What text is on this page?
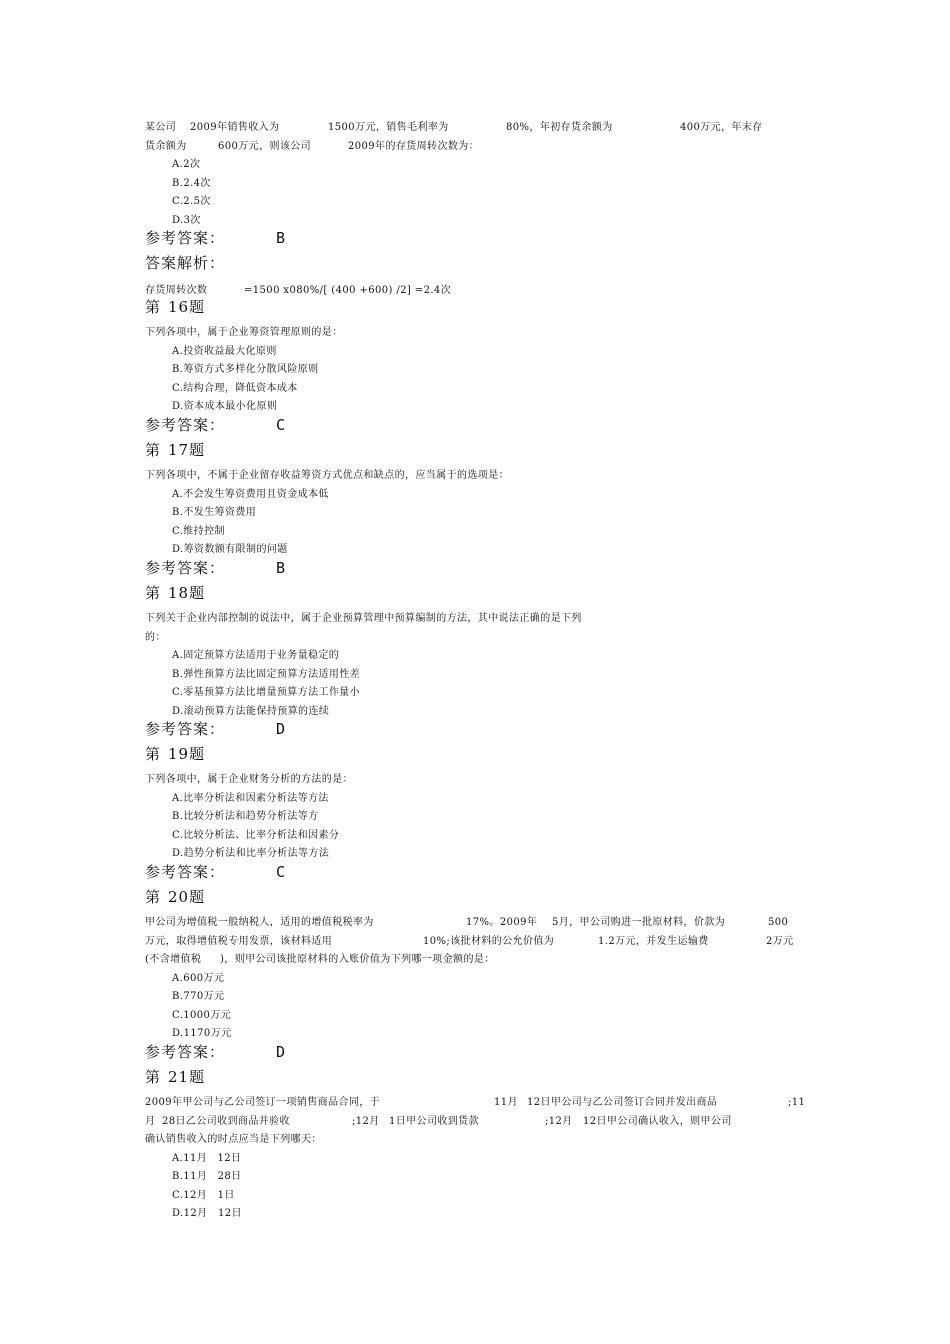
某公司 2009年销售收入为	1500万元，销售毛利率为	80%，年初存货余额为	400万元，年末存
货余额为	600万元，则该公司	2009年的存货周转次数为：
A.2次
B.2.4次
C.2.5次
D.3次
参考答案：	B
答案解析：
存货周转次数	=1500 x080%/[ (400 +600) /2] =2.4次
第 16题
下列各项中，属于企业筹资管理原则的是：
A.投资收益最大化原则
B.筹资方式多样化分散风险原则
C.结构合理，降低资本成本
D.资本成本最小化原则
参考答案：	C
第 17题
下列各项中，不属于企业留存收益筹资方式优点和缺点的，应当属于的选项是：
A.不会发生筹资费用且资金成本低
B.不发生筹资费用
C.维持控制
D.筹资数额有限制的问题
参考答案：	B
第 18题
下列关于企业内部控制的说法中，属于企业预算管理中预算编制的方法，其中说法正确的是下列
的：
A.固定预算方法适用于业务量稳定的
B.弹性预算方法比固定预算方法适用性差
C.零基预算方法比增量预算方法工作量小
D.滚动预算方法能保持预算的连续
参考答案：	D
第 19题
下列各项中，属于企业财务分析的方法的是：
A.比率分析法和因素分析法等方法
B.比较分析法和趋势分析法等方
C.比较分析法、比率分析法和因素分
D.趋势分析法和比率分析法等方法
参考答案：	C
第 20题
甲公司为增值税一般纳税人，适用的增值税税率为	17%。2009年 5月，甲公司购进一批原材料，价款为	500
万元，取得增值税专用发票，该材料适用	10%;该批材料的公允价值为	1.2万元，并发生运输费	2万元
(不含增值税 )，则甲公司该批原材料的入账价值为下列哪一项金额的是：
A.600万元
B.770万元
C.1000万元
D.1170万元
参考答案：	D
第 21题
2009年甲公司与乙公司签订一项销售商品合同，于	11月 12日甲公司与乙公司签订合同并发出商品	;11
月 28日乙公司收到商品并验收	;12月 1日甲公司收到货款	;12月 12日甲公司确认收入，则甲公司
确认销售收入的时点应当是下列哪天：
A.11月　12日
B.11月　28日
C.12月　1日
D.12月　12日
